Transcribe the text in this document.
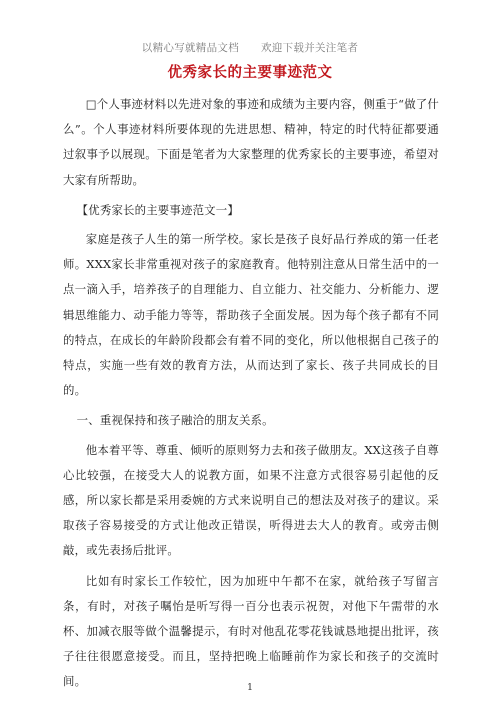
以精心写就精品文档 欢迎下载并关注笔者
优秀家长的主要事迹范文

□个人事迹材料以先进对象的事迹和成绩为主要内容，侧重于“做了什么”。个人事迹材料所要体现的先进思想、精神，特定的时代特征都要通过叙事予以展现。下面是笔者为大家整理的优秀家长的主要事迹，希望对大家有所帮助。

【优秀家长的主要事迹范文一】

家庭是孩子人生的第一所学校。家长是孩子良好品行养成的第一任老师。XXX家长非常重视对孩子的家庭教育。他特别注意从日常生活中的一点一滴入手，培养孩子的自理能力、自立能力、社交能力、分析能力、逻辑思维能力、动手能力等等，帮助孩子全面发展。因为每个孩子都有不同的特点，在成长的年龄阶段都会有着不同的变化，所以他根据自己孩子的特点，实施一些有效的教育方法，从而达到了家长、孩子共同成长的目的。

一、重视保持和孩子融洽的朋友关系。

他本着平等、尊重、倾听的原则努力去和孩子做朋友。XX这孩子自尊心比较强，在接受大人的说教方面，如果不注意方式很容易引起他的反感，所以家长都是采用委婉的方式来说明自己的想法及对孩子的建议。采取孩子容易接受的方式让他改正错误，听得进去大人的教育。或旁击侧敲，或先表扬后批评。

比如有时家长工作较忙，因为加班中午都不在家，就给孩子写留言条，有时，对孩子嘱怡是听写得一百分也表示祝贺，对他下午需带的水杯、加减衣服等做个温馨提示，有时对他乱花零花钱诚恳地提出批评，孩子往往很愿意接受。而且，坚持把晚上临睡前作为家长和孩子的交流时间。	1
